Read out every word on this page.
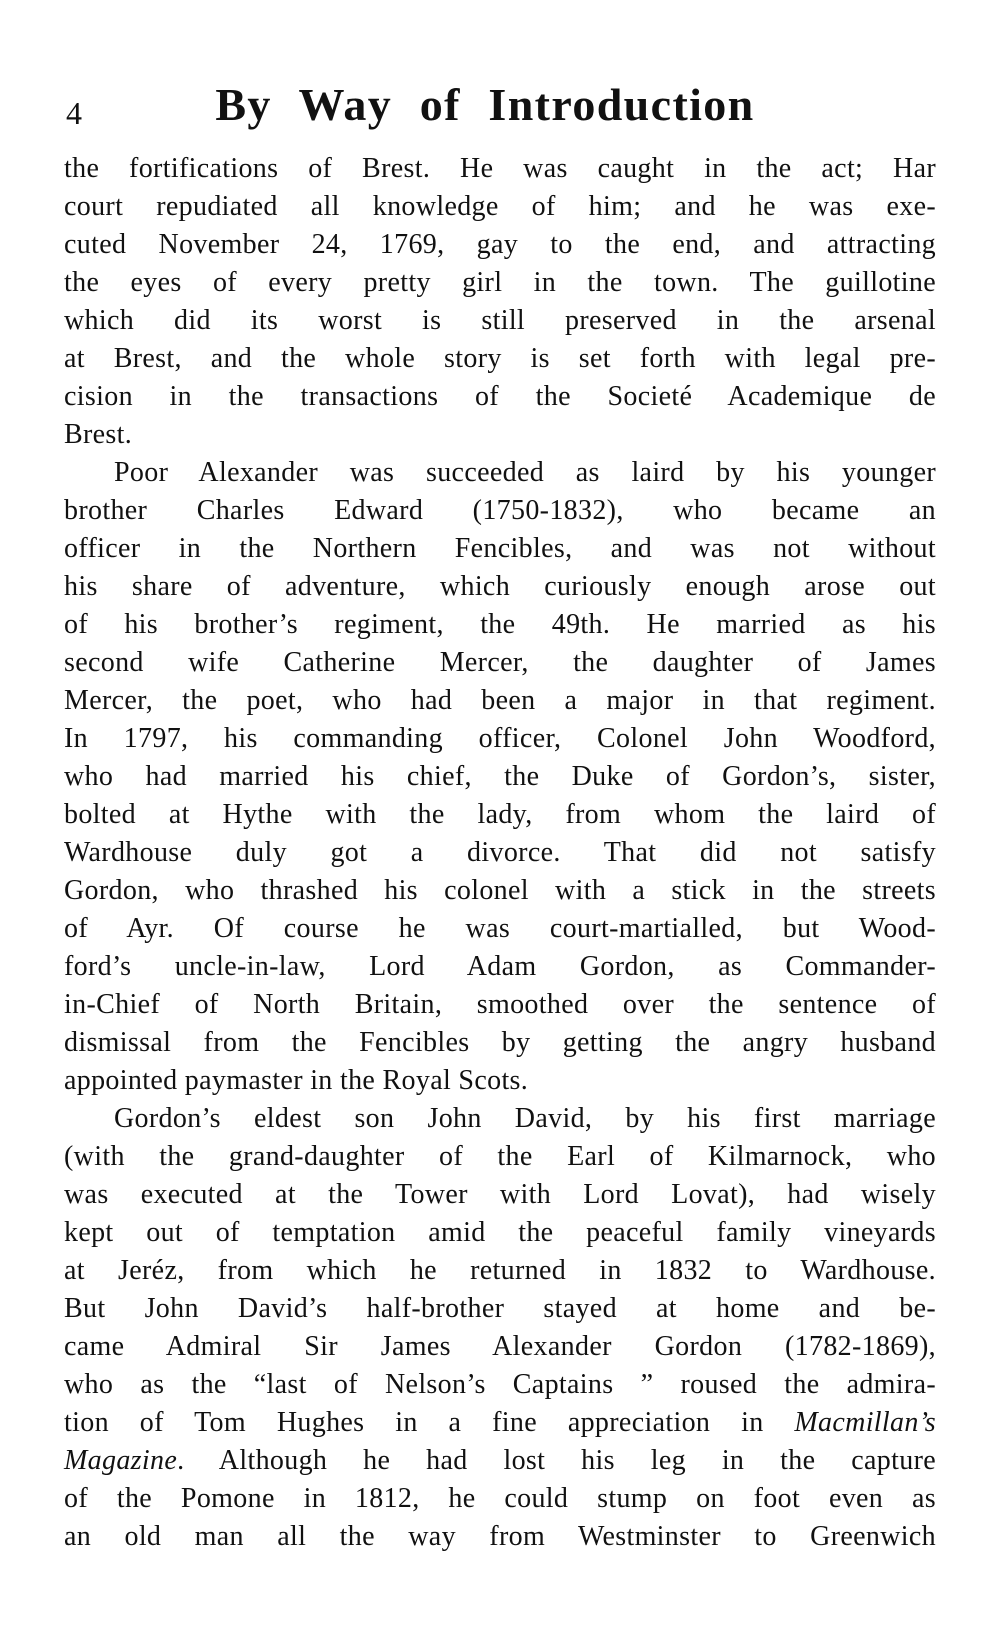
4	By Way of Introduction
the fortifications of Brest. He was caught in the act; Har
court repudiated all knowledge of him; and he was exe-
cuted November 24, 1769, gay to the end, and attracting
the eyes of every pretty girl in the town. The guillotine
which did its worst is still preserved in the arsenal
at Brest, and the whole story is set forth with legal pre-
cision in the transactions of the Societé Academique de
Brest.
Poor Alexander was succeeded as laird by his younger
brother Charles Edward (1750-1832), who became an
officer in the Northern Fencibles, and was not without
his share of adventure, which curiously enough arose out
of his brother’s regiment, the 49th. He married as his
second wife Catherine Mercer, the daughter of James
Mercer, the poet, who had been a major in that regiment.
In 1797, his commanding officer, Colonel John Woodford,
who had married his chief, the Duke of Gordon’s, sister,
bolted at Hythe with the lady, from whom the laird of
Wardhouse duly got a divorce. That did not satisfy
Gordon, who thrashed his colonel with a stick in the streets
of Ayr. Of course he was court-martialled, but Wood-
ford’s uncle-in-law, Lord Adam Gordon, as Commander-
in-Chief of North Britain, smoothed over the sentence of
dismissal from the Fencibles by getting the angry husband
appointed paymaster in the Royal Scots.
Gordon’s eldest son John David, by his first marriage
(with the grand-daughter of the Earl of Kilmarnock, who
was executed at the Tower with Lord Lovat), had wisely
kept out of temptation amid the peaceful family vineyards
at Jeréz, from which he returned in 1832 to Wardhouse.
But John David’s half-brother stayed at home and be-
came Admiral Sir James Alexander Gordon (1782-1869),
who as the “last of Nelson’s Captains ” roused the admira-
tion of Tom Hughes in a fine appreciation in Macmillan’s
Magazine. Although he had lost his leg in the capture
of the Pomone in 1812, he could stump on foot even as
an old man all the way from Westminster to Greenwich
